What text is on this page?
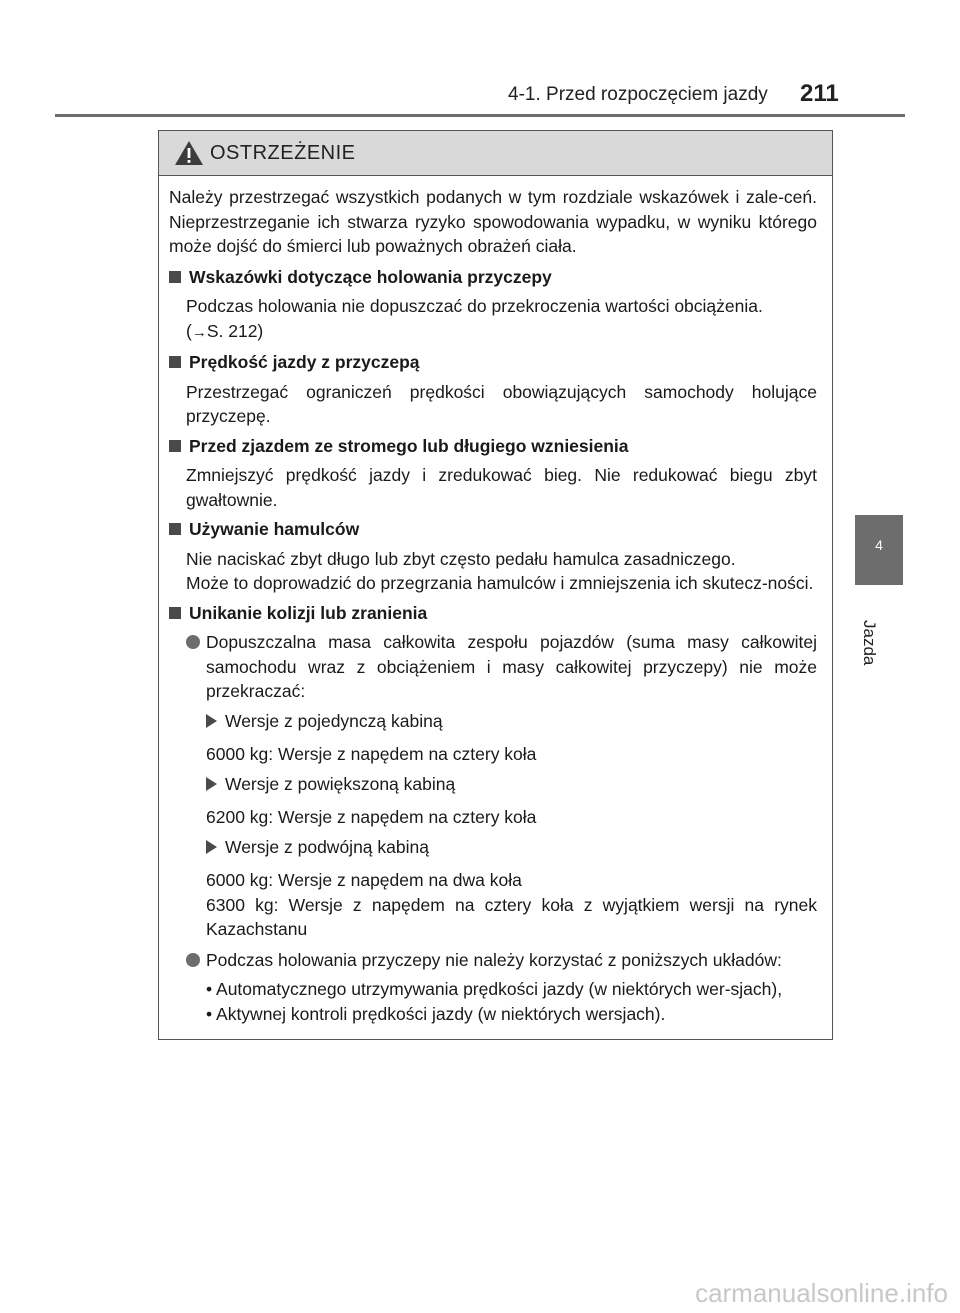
4-1. Przed rozpoczęciem jazdy 211
4
Jazda
OSTRZEŻENIE

Należy przestrzegać wszystkich podanych w tym rozdziale wskazówek i zale-ceń. Nieprzestrzeganie ich stwarza ryzyko spowodowania wypadku, w wyniku którego może dojść do śmierci lub poważnych obrażeń ciała.

Wskazówki dotyczące holowania przyczepy

Podczas holowania nie dopuszczać do przekroczenia wartości obciążenia.

(→S. 212)

Prędkość jazdy z przyczepą

Przestrzegać ograniczeń prędkości obowiązujących samochody holujące przyczepę.

Przed zjazdem ze stromego lub długiego wzniesienia

Zmniejszyć prędkość jazdy i zredukować bieg. Nie redukować biegu zbyt gwałtownie.

Używanie hamulców

Nie naciskać zbyt długo lub zbyt często pedału hamulca zasadniczego.

Może to doprowadzić do przegrzania hamulców i zmniejszenia ich skutecz-ności.

Unikanie kolizji lub zranienia

Dopuszczalna masa całkowita zespołu pojazdów (suma masy całkowitej samochodu wraz z obciążeniem i masy całkowitej przyczepy) nie może przekraczać:

Wersje z pojedynczą kabiną

6000 kg: Wersje z napędem na cztery koła

Wersje z powiększoną kabiną

6200 kg: Wersje z napędem na cztery koła

Wersje z podwójną kabiną

6000 kg: Wersje z napędem na dwa koła

6300 kg: Wersje z napędem na cztery koła z wyjątkiem wersji na rynek Kazachstanu

Podczas holowania przyczepy nie należy korzystać z poniższych układów:

• Automatycznego utrzymywania prędkości jazdy (w niektórych wer-sjach),

• Aktywnej kontroli prędkości jazdy (w niektórych wersjach).

carmanualsonline.info
